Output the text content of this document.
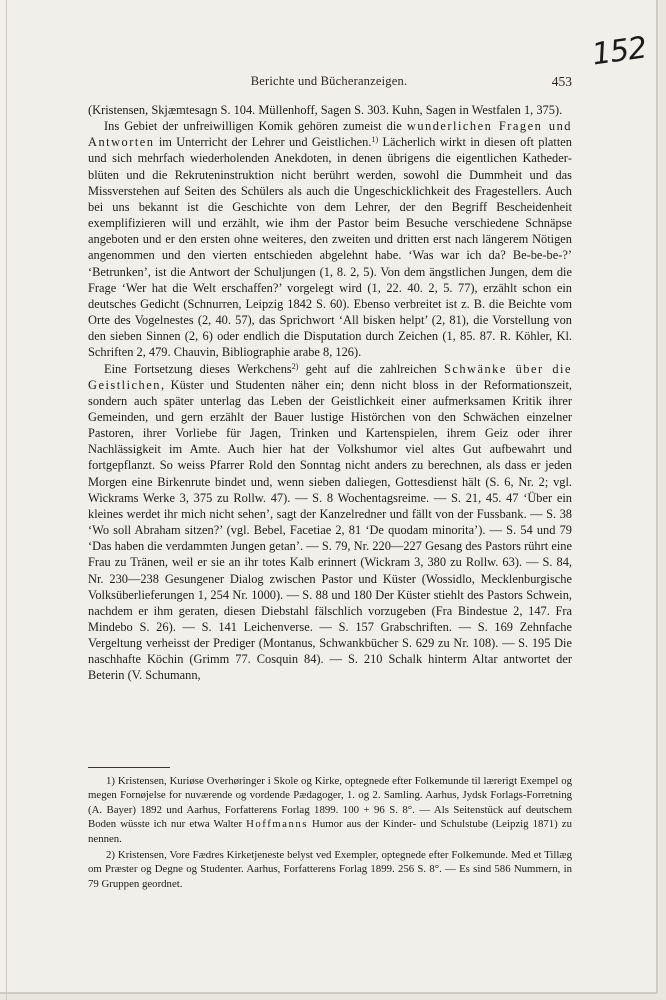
Berichte und Bücheranzeigen.	453
152

(Kristensen, Skjæmtesagn S. 104. Müllenhoff, Sagen S. 303. Kuhn, Sagen in Westfalen 1, 375).

Ins Gebiet der unfreiwilligen Komik gehören zumeist die wunderlichen Fragen und Antworten im Unterricht der Lehrer und Geistlichen.$^{1)}$ Lächerlich wirkt in diesen oft platten und sich mehrfach wiederholenden Anekdoten, in denen übrigens die eigentlichen Kathederblüten und die Rekruteninstruktion nicht berührt werden, sowohl die Dummheit und das Missverstehen auf Seiten des Schülers als auch die Ungeschicklichkeit des Fragestellers. Auch bei uns bekannt ist die Geschichte von dem Lehrer, der den Begriff Bescheidenheit exemplifizieren will und erzählt, wie ihm der Pastor beim Besuche verschiedene Schnäpse angeboten und er den ersten ohne weiteres, den zweiten und dritten erst nach längerem Nötigen angenommen und den vierten entschieden abgelehnt habe. ‘Was war ich da? Be-be-be-?’ ‘Betrunken’, ist die Antwort der Schuljungen (1, 8. 2, 5). Von dem ängstlichen Jungen, dem die Frage ‘Wer hat die Welt erschaffen?’ vorgelegt wird (1, 22. 40. 2, 5. 77), erzählt schon ein deutsches Gedicht (Schnurren, Leipzig 1842 S. 60). Ebenso verbreitet ist z. B. die Beichte vom Orte des Vogelnestes (2, 40. 57), das Sprichwort ‘All bisken helpt’ (2, 81), die Vorstellung von den sieben Sinnen (2, 6) oder endlich die Disputation durch Zeichen (1, 85. 87. R. Köhler, Kl. Schriften 2, 479. Chauvin, Bibliographie arabe 8, 126).

Eine Fortsetzung dieses Werkchens$^{2)}$ geht auf die zahlreichen Schwänke über die Geistlichen, Küster und Studenten näher ein; denn nicht bloss in der Reformationszeit, sondern auch später unterlag das Leben der Geistlichkeit einer aufmerksamen Kritik ihrer Gemeinden, und gern erzählt der Bauer lustige Histörchen von den Schwächen einzelner Pastoren, ihrer Vorliebe für Jagen, Trinken und Kartenspielen, ihrem Geiz oder ihrer Nachlässigkeit im Amte. Auch hier hat der Volkshumor viel altes Gut aufbewahrt und fortgepflanzt. So weiss Pfarrer Rold den Sonntag nicht anders zu berechnen, als dass er jeden Morgen eine Birkenrute bindet und, wenn sieben daliegen, Gottesdienst hält (S. 6, Nr. 2; vgl. Wickrams Werke 3, 375 zu Rollw. 47). — S. 8 Wochentagsreime. — S. 21, 45. 47 ‘Über ein kleines werdet ihr mich nicht sehen’, sagt der Kanzelredner und fällt von der Fussbank. — S. 38 ‘Wo soll Abraham sitzen?’ (vgl. Bebel, Facetiae 2, 81 ‘De quodam minorita’). — S. 54 und 79 ‘Das haben die verdammten Jungen getan’. — S. 79, Nr. 220—227 Gesang des Pastors rührt eine Frau zu Tränen, weil er sie an ihr totes Kalb erinnert (Wickram 3, 380 zu Rollw. 63). — S. 84, Nr. 230—238 Gesungener Dialog zwischen Pastor und Küster (Wossidlo, Mecklenburgische Volksüberlieferungen 1, 254 Nr. 1000). — S. 88 und 180 Der Küster stiehlt des Pastors Schwein, nachdem er ihm geraten, diesen Diebstahl fälschlich vorzugeben (Fra Bindestue 2, 147. Fra Mindebo S. 26). — S. 141 Leichenverse. — S. 157 Grabschriften. — S. 169 Zehnfache Vergeltung verheisst der Prediger (Montanus, Schwankbücher S. 629 zu Nr. 108). — S. 195 Die naschhafte Köchin (Grimm 77. Cosquin 84). — S. 210 Schalk hinterm Altar antwortet der Beterin (V. Schumann,

1) Kristensen, Kuriøse Overhøringer i Skole og Kirke, optegnede efter Folkemunde til lærerigt Exempel og megen Fornøjelse for nuværende og vordende Pædagoger, 1. og 2. Samling. Aarhus, Jydsk Forlags-Forretning (A. Bayer) 1892 und Aarhus, Forfatterens Forlag 1899. 100 + 96 S. 8°. — Als Seitenstück auf deutschem Boden wüsste ich nur etwa Walter Hoffmanns Humor aus der Kinder- und Schulstube (Leipzig 1871) zu nennen.

2) Kristensen, Vore Fædres Kirketjeneste belyst ved Exempler, optegnede efter Folkemunde. Med et Tillæg om Præster og Degne og Studenter. Aarhus, Forfatterens Forlag 1899. 256 S. 8°. — Es sind 586 Nummern, in 79 Gruppen geordnet.
